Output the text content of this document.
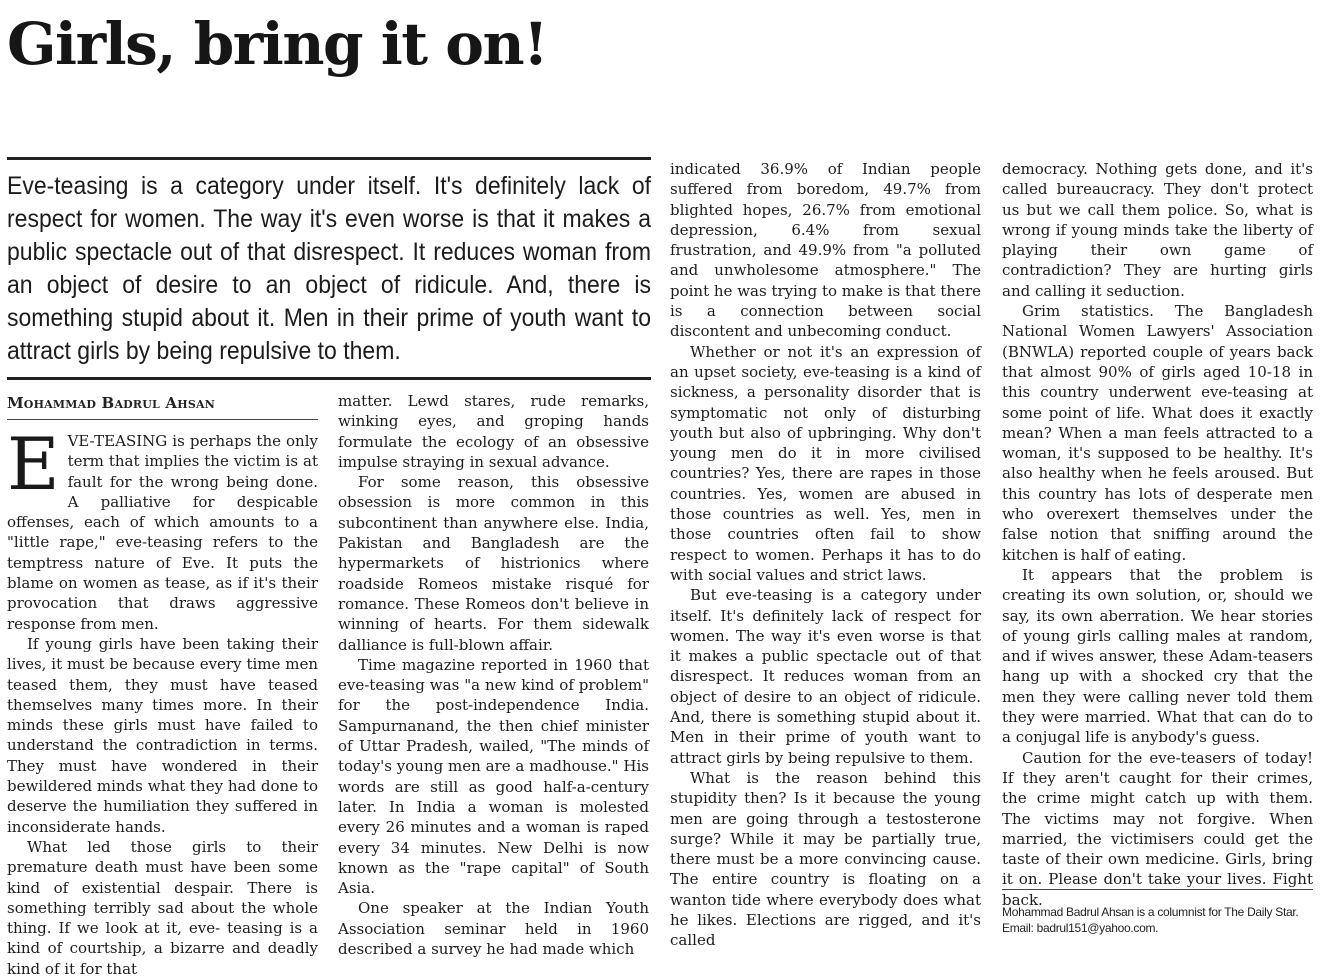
Girls, bring it on!

Eve-teasing is a category under itself. It's definitely lack of respect for women. The way it's even worse is that it makes a public spectacle out of that disrespect. It reduces woman from an object of desire to an object of ridicule. And, there is something stupid about it. Men in their prime of youth want to attract girls by being repulsive to them.

Mohammad Badrul Ahsan

EVE-TEASING is perhaps the only term that implies the victim is at fault for the wrong being done. A palliative for despicable offenses, each of which amounts to a "little rape," eve-teasing refers to the temptress nature of Eve. It puts the blame on women as tease, as if it's their provocation that draws aggressive response from men.

If young girls have been taking their lives, it must be because every time men teased them, they must have teased themselves many times more. In their minds these girls must have failed to understand the contradiction in terms. They must have wondered in their bewildered minds what they had done to deserve the humiliation they suffered in inconsiderate hands.

What led those girls to their premature death must have been some kind of existential despair. There is something terribly sad about the whole thing. If we look at it, eve- teasing is a kind of courtship, a bizarre and deadly kind of it for that

matter. Lewd stares, rude remarks, winking eyes, and groping hands formulate the ecology of an obsessive impulse straying in sexual advance.

For some reason, this obsessive obsession is more common in this subcontinent than anywhere else. India, Pakistan and Bangladesh are the hypermarkets of histrionics where roadside Romeos mistake risqué for romance. These Romeos don't believe in winning of hearts. For them sidewalk dalliance is full-blown affair.

Time magazine reported in 1960 that eve-teasing was "a new kind of problem" for the post-independence India. Sampurnanand, the then chief minister of Uttar Pradesh, wailed, "The minds of today's young men are a madhouse." His words are still as good half-a-century later. In India a woman is molested every 26 minutes and a woman is raped every 34 minutes. New Delhi is now known as the "rape capital" of South Asia.

One speaker at the Indian Youth Association seminar held in 1960 described a survey he had made which

indicated 36.9% of Indian people suffered from boredom, 49.7% from blighted hopes, 26.7% from emotional depression, 6.4% from sexual frustration, and 49.9% from "a polluted and unwholesome atmosphere." The point he was trying to make is that there is a connection between social discontent and unbecoming conduct.

Whether or not it's an expression of an upset society, eve-teasing is a kind of sickness, a personality disorder that is symptomatic not only of disturbing youth but also of upbringing. Why don't young men do it in more civilised countries? Yes, there are rapes in those countries. Yes, women are abused in those countries as well. Yes, men in those countries often fail to show respect to women. Perhaps it has to do with social values and strict laws.

But eve-teasing is a category under itself. It's definitely lack of respect for women. The way it's even worse is that it makes a public spectacle out of that disrespect. It reduces woman from an object of desire to an object of ridicule. And, there is something stupid about it. Men in their prime of youth want to attract girls by being repulsive to them.

What is the reason behind this stupidity then? Is it because the young men are going through a testosterone surge? While it may be partially true, there must be a more convincing cause. The entire country is floating on a wanton tide where everybody does what he likes. Elections are rigged, and it's called

democracy. Nothing gets done, and it's called bureaucracy. They don't protect us but we call them police. So, what is wrong if young minds take the liberty of playing their own game of contradiction? They are hurting girls and calling it seduction.

Grim statistics. The Bangladesh National Women Lawyers' Association (BNWLA) reported couple of years back that almost 90% of girls aged 10-18 in this country underwent eve-teasing at some point of life. What does it exactly mean? When a man feels attracted to a woman, it's supposed to be healthy. It's also healthy when he feels aroused. But this country has lots of desperate men who overexert themselves under the false notion that sniffing around the kitchen is half of eating.

It appears that the problem is creating its own solution, or, should we say, its own aberration. We hear stories of young girls calling males at random, and if wives answer, these Adam-teasers hang up with a shocked cry that the men they were calling never told them they were married. What that can do to a conjugal life is anybody's guess.

Caution for the eve-teasers of today! If they aren't caught for their crimes, the crime might catch up with them. The victims may not forgive. When married, the victimisers could get the taste of their own medicine. Girls, bring it on. Please don't take your lives. Fight back.

Mohammad Badrul Ahsan is a columnist for The Daily Star.
Email: badrul151@yahoo.com.
